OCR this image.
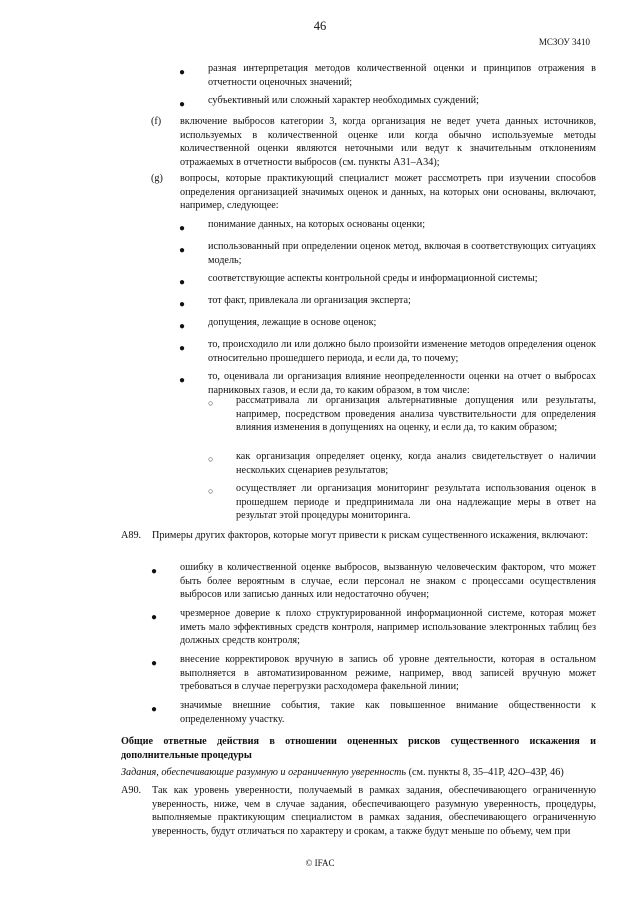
46
МСЗОУ 3410
● разная интерпретация методов количественной оценки и принципов отражения в отчетности оценочных значений;

● субъективный или сложный характер необходимых суждений;

(f) включение выбросов категории 3, когда организация не ведет учета данных источников, используемых в количественной оценке или когда обычно используемые методы количественной оценки являются неточными или ведут к значительным отклонениям отражаемых в отчетности выбросов (см. пункты А31–А34);

(g) вопросы, которые практикующий специалист может рассмотреть при изучении способов определения организацией значимых оценок и данных, на которых они основаны, включают, например, следующее:

● понимание данных, на которых основаны оценки;

● использованный при определении оценок метод, включая в соответствующих ситуациях модель;

● соответствующие аспекты контрольной среды и информационной системы;

● тот факт, привлекала ли организация эксперта;

● допущения, лежащие в основе оценок;

● то, происходило ли или должно было произойти изменение методов определения оценок относительно прошедшего периода, и если да, то почему;

● то, оценивала ли организация влияние неопределенности оценки на отчет о выбросах парниковых газов, и если да, то каким образом, в том числе:

○ рассматривала ли организация альтернативные допущения или результаты, например, посредством проведения анализа чувствительности для определения влияния изменения в допущениях на оценку, и если да, то каким образом;

○ как организация определяет оценку, когда анализ свидетельствует о наличии нескольких сценариев результатов;

○ осуществляет ли организация мониторинг результата использования оценок в прошедшем периоде и предпринимала ли она надлежащие меры в ответ на результат этой процедуры мониторинга.

А89. Примеры других факторов, которые могут привести к рискам существенного искажения, включают:

● ошибку в количественной оценке выбросов, вызванную человеческим фактором, что может быть более вероятным в случае, если персонал не знаком с процессами осуществления выбросов или записью данных или недостаточно обучен;

● чрезмерное доверие к плохо структурированной информационной системе, которая может иметь мало эффективных средств контроля, например использование электронных таблиц без должных средств контроля;

● внесение корректировок вручную в запись об уровне деятельности, которая в остальном выполняется в автоматизированном режиме, например, ввод записей вручную может требоваться в случае перегрузки расходомера факельной линии;

● значимые внешние события, такие как повышенное внимание общественности к определенному участку.

Общие ответные действия в отношении оцененных рисков существенного искажения и дополнительные процедуры

Задания, обеспечивающие разумную и ограниченную уверенность (см. пункты 8, 35–41Р, 42О–43Р, 46)

А90. Так как уровень уверенности, получаемый в рамках задания, обеспечивающего ограниченную уверенность, ниже, чем в случае задания, обеспечивающего разумную уверенность, процедуры, выполняемые практикующим специалистом в рамках задания, обеспечивающего ограниченную уверенность, будут отличаться по характеру и срокам, а также будут меньше по объему, чем при

© IFAC
